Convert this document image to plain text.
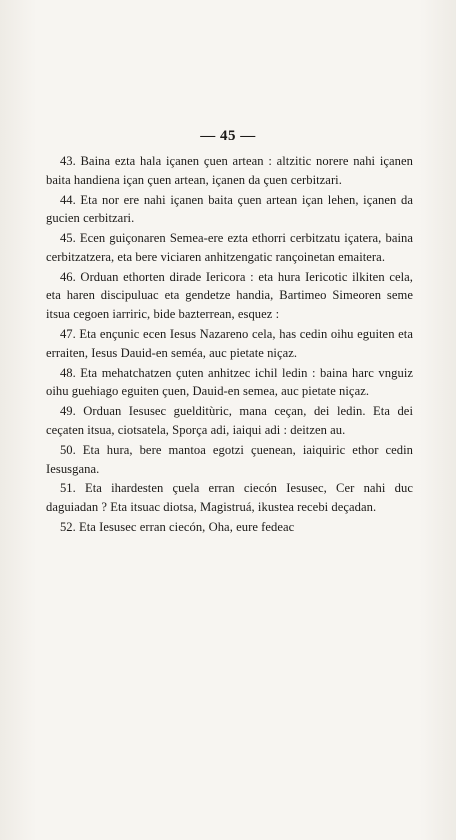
— 45 —

43. Baina ezta hala içanen çuen artean : altzitic norere nahi içanen baita handiena içan çuen artean, içanen da çuen cerbitzari.

44. Eta nor ere nahi içanen baita çuen artean içan lehen, içanen da gucien cerbitzari.

45. Ecen guiçonaren Semea-ere ezta ethorri cerbitzatu içatera, baina cerbitzatzera, eta bere viciaren anhitzengatic rançoinetan emaitera.

46. Orduan ethorten dirade Iericora : eta hura Iericotic ilkiten cela, eta haren discipuluac eta gendetze handia, Bartimeo Simeoren seme itsua cegoen iarriric, bide bazterrean, esquez :

47. Eta ençunic ecen Iesus Nazareno cela, has cedin oihu eguiten eta erraiten, Iesus Dauid-en seméa, auc pietate niçaz.

48. Eta mehatchatzen çuten anhitzec ichil ledin : baina harc vnguiz oihu guehiago eguiten çuen, Dauid-en semea, auc pietate niçaz.

49. Orduan Iesusec guelditùric, mana ceçan, dei ledin. Eta dei ceçaten itsua, ciotsatela, Sporça adi, iaiqui adi : deitzen au.

50. Eta hura, bere mantoa egotzi çuenean, iaiquiric ethor cedin Iesusgana.

51. Eta ihardesten çuela erran ciecón Iesusec, Cer nahi duc daguiadan ? Eta itsuac diotsa, Magistruá, ikustea recebi deçadan.

52. Eta Iesusec erran ciecón, Oha, eure fedeac
